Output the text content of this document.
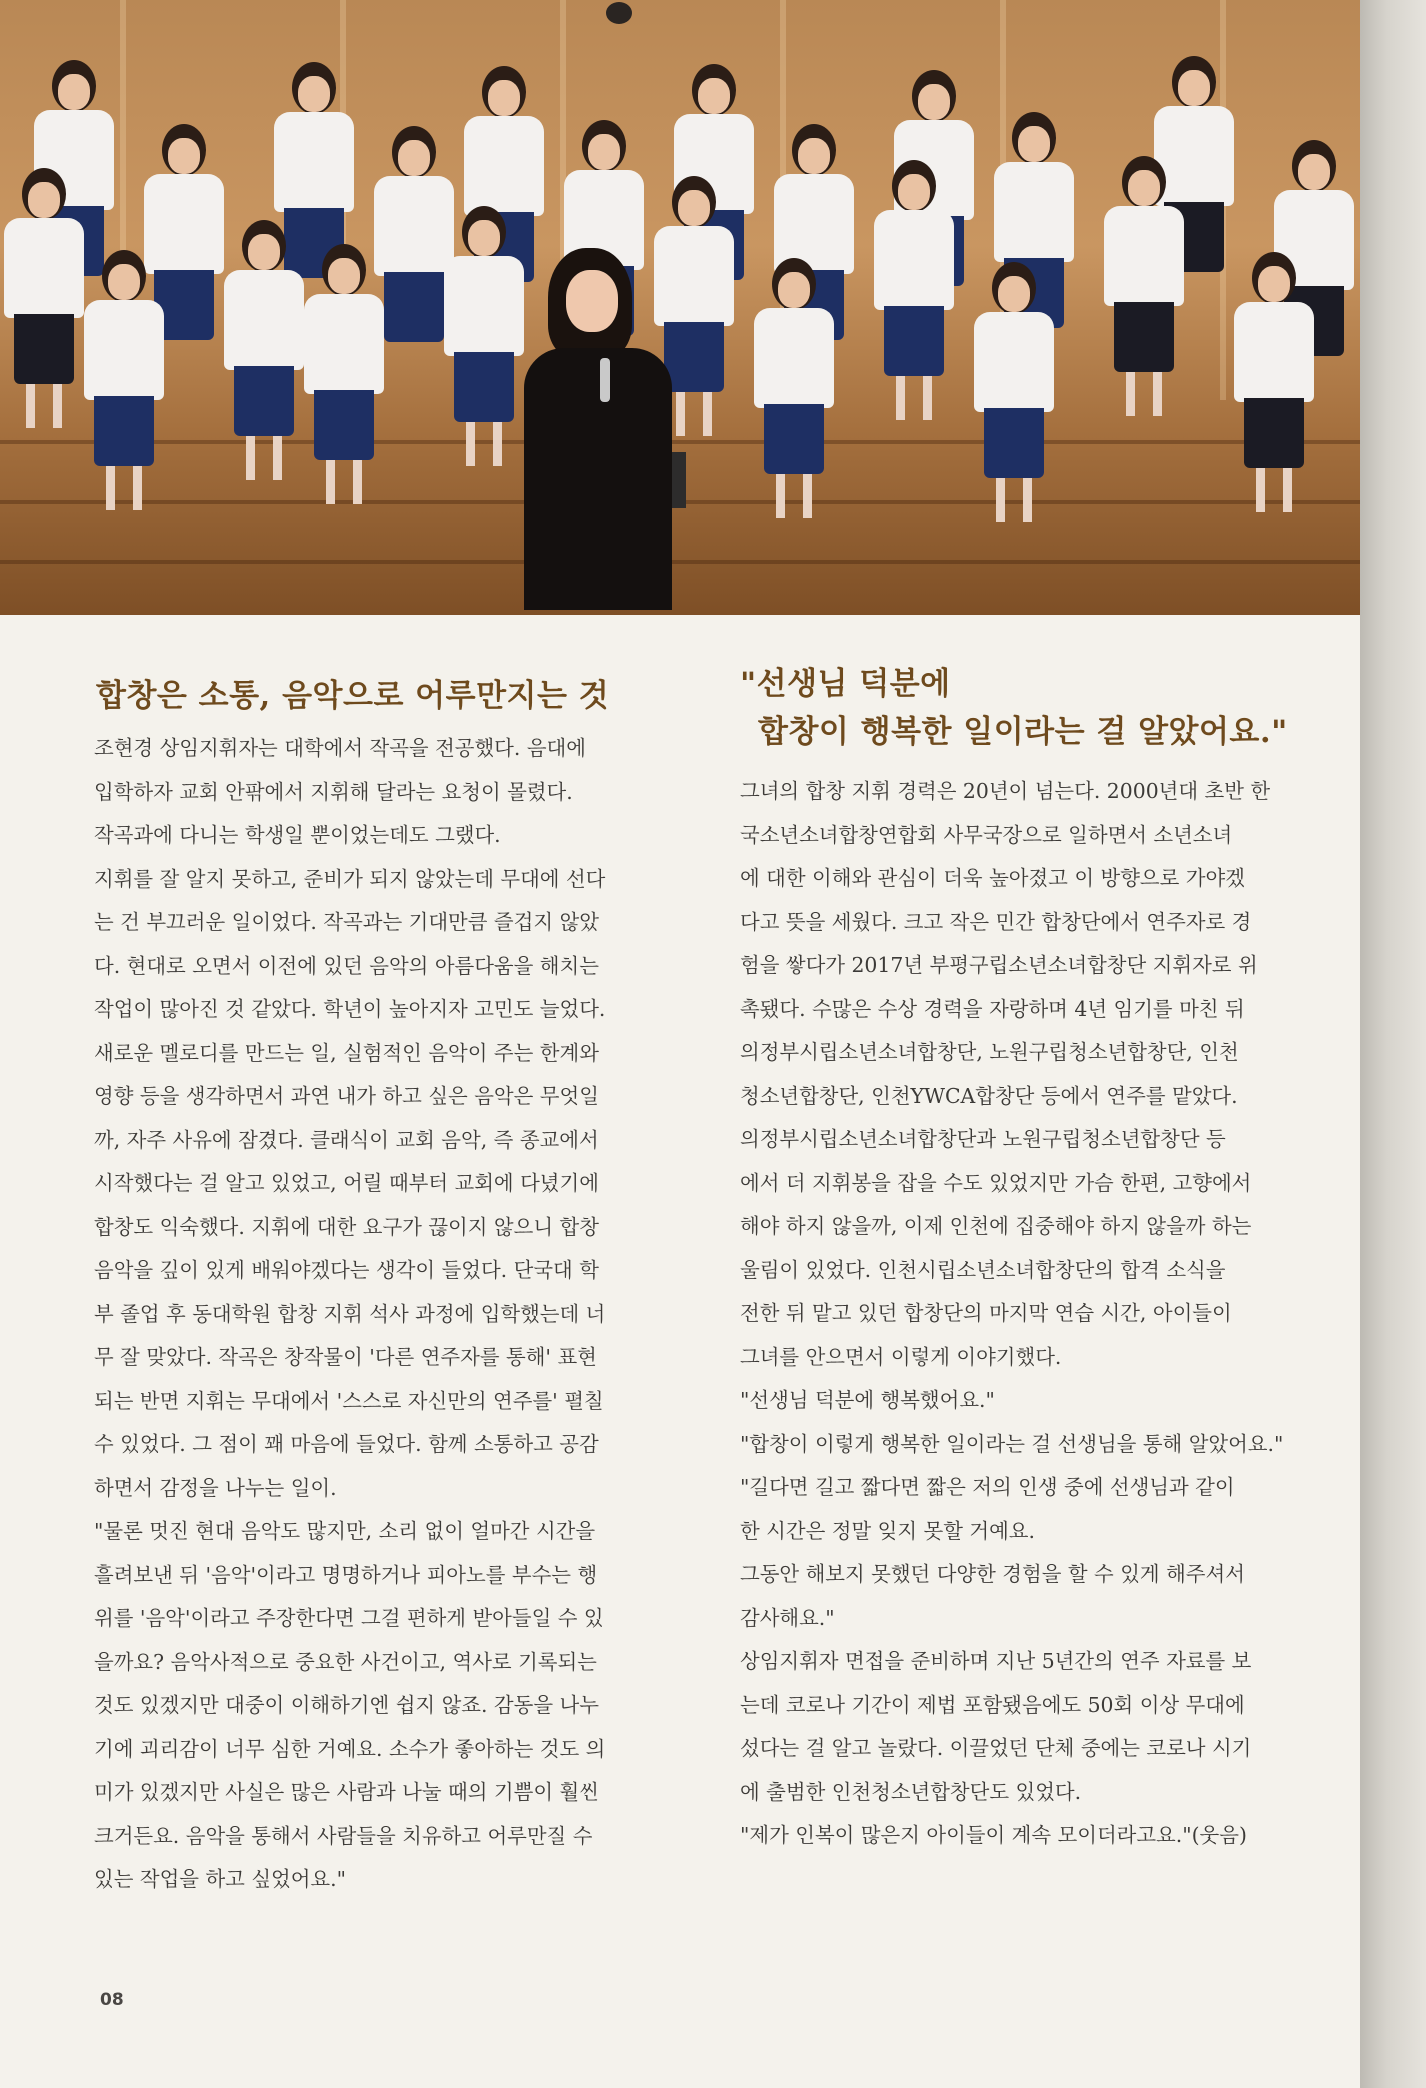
합창은 소통, 음악으로 어루만지는 것
조현경 상임지휘자는 대학에서 작곡을 전공했다. 음대에
입학하자 교회 안팎에서 지휘해 달라는 요청이 몰렸다.
작곡과에 다니는 학생일 뿐이었는데도 그랬다.
지휘를 잘 알지 못하고, 준비가 되지 않았는데 무대에 선다
는 건 부끄러운 일이었다. 작곡과는 기대만큼 즐겁지 않았
다. 현대로 오면서 이전에 있던 음악의 아름다움을 해치는
작업이 많아진 것 같았다. 학년이 높아지자 고민도 늘었다.
새로운 멜로디를 만드는 일, 실험적인 음악이 주는 한계와
영향 등을 생각하면서 과연 내가 하고 싶은 음악은 무엇일
까, 자주 사유에 잠겼다. 클래식이 교회 음악, 즉 종교에서
시작했다는 걸 알고 있었고, 어릴 때부터 교회에 다녔기에
합창도 익숙했다. 지휘에 대한 요구가 끊이지 않으니 합창
음악을 깊이 있게 배워야겠다는 생각이 들었다. 단국대 학
부 졸업 후 동대학원 합창 지휘 석사 과정에 입학했는데 너
무 잘 맞았다. 작곡은 창작물이 '다른 연주자를 통해' 표현
되는 반면 지휘는 무대에서 '스스로 자신만의 연주를' 펼칠
수 있었다. 그 점이 꽤 마음에 들었다. 함께 소통하고 공감
하면서 감정을 나누는 일이.
"물론 멋진 현대 음악도 많지만, 소리 없이 얼마간 시간을
흘려보낸 뒤 '음악'이라고 명명하거나 피아노를 부수는 행
위를 '음악'이라고 주장한다면 그걸 편하게 받아들일 수 있
을까요? 음악사적으로 중요한 사건이고, 역사로 기록되는
것도 있겠지만 대중이 이해하기엔 쉽지 않죠. 감동을 나누
기에 괴리감이 너무 심한 거예요. 소수가 좋아하는 것도 의
미가 있겠지만 사실은 많은 사람과 나눌 때의 기쁨이 훨씬
크거든요. 음악을 통해서 사람들을 치유하고 어루만질 수
있는 작업을 하고 싶었어요."
"선생님 덕분에
합창이 행복한 일이라는 걸 알았어요."
그녀의 합창 지휘 경력은 20년이 넘는다. 2000년대 초반 한
국소년소녀합창연합회 사무국장으로 일하면서 소년소녀
에 대한 이해와 관심이 더욱 높아졌고 이 방향으로 가야겠
다고 뜻을 세웠다. 크고 작은 민간 합창단에서 연주자로 경
험을 쌓다가 2017년 부평구립소년소녀합창단 지휘자로 위
촉됐다. 수많은 수상 경력을 자랑하며 4년 임기를 마친 뒤
의정부시립소년소녀합창단, 노원구립청소년합창단, 인천
청소년합창단, 인천YWCA합창단 등에서 연주를 맡았다.
의정부시립소년소녀합창단과 노원구립청소년합창단 등
에서 더 지휘봉을 잡을 수도 있었지만 가슴 한편, 고향에서
해야 하지 않을까, 이제 인천에 집중해야 하지 않을까 하는
울림이 있었다. 인천시립소년소녀합창단의 합격 소식을
전한 뒤 맡고 있던 합창단의 마지막 연습 시간, 아이들이
그녀를 안으면서 이렇게 이야기했다.
"선생님 덕분에 행복했어요."
"합창이 이렇게 행복한 일이라는 걸 선생님을 통해 알았어요."
"길다면 길고 짧다면 짧은 저의 인생 중에 선생님과 같이
한 시간은 정말 잊지 못할 거예요.
그동안 해보지 못했던 다양한 경험을 할 수 있게 해주셔서
감사해요."
상임지휘자 면접을 준비하며 지난 5년간의 연주 자료를 보
는데 코로나 기간이 제법 포함됐음에도 50회 이상 무대에
섰다는 걸 알고 놀랐다. 이끌었던 단체 중에는 코로나 시기
에 출범한 인천청소년합창단도 있었다.
"제가 인복이 많은지 아이들이 계속 모이더라고요."(웃음)
08
